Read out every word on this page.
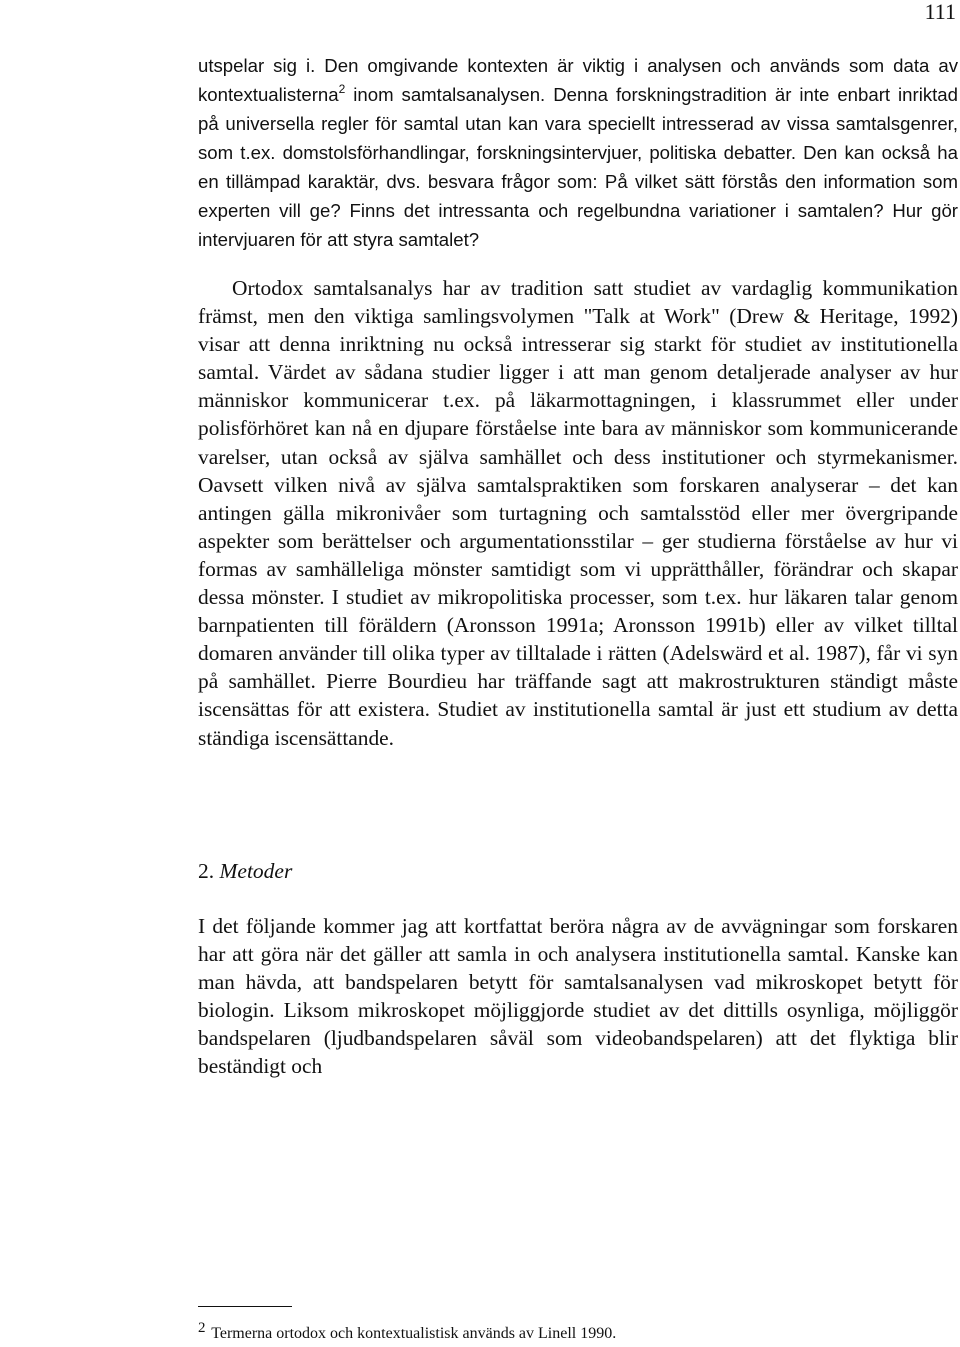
111
utspelar sig i. Den omgivande kontexten är viktig i analysen och används som data av kontextualisterna$^2$ inom samtalsanalysen. Denna forskningstradition är inte enbart inriktad på universella regler för samtal utan kan vara speciellt intresserad av vissa samtalsgenrer, som t.ex. domstolsförhandlingar, forskningsintervjuer, politiska debatter. Den kan också ha en tillämpad karaktär, dvs. besvara frågor som: På vilket sätt förstås den information som experten vill ge? Finns det intressanta och regelbundna variationer i samtalen? Hur gör intervjuaren för att styra samtalet?
Ortodox samtalsanalys har av tradition satt studiet av vardaglig kommunikation främst, men den viktiga samlingsvolymen "Talk at Work" (Drew & Heritage, 1992) visar att denna inriktning nu också intresserar sig starkt för studiet av institutionella samtal. Värdet av sådana studier ligger i att man genom detaljerade analyser av hur människor kommunicerar t.ex. på läkarmottagningen, i klassrummet eller under polisförhöret kan nå en djupare förståelse inte bara av människor som kommunicerande varelser, utan också av själva samhället och dess institutioner och styrmekanismer. Oavsett vilken nivå av själva samtalspraktiken som forskaren analyserar – det kan antingen gälla mikronivåer som turtagning och samtalsstöd eller mer övergripande aspekter som berättelser och argumentationsstilar – ger studierna förståelse av hur vi formas av samhälleliga mönster samtidigt som vi upprätthåller, förändrar och skapar dessa mönster. I studiet av mikropolitiska processer, som t.ex. hur läkaren talar genom barnpatienten till föräldern (Aronsson 1991a; Aronsson 1991b) eller av vilket tilltal domaren använder till olika typer av tilltalade i rätten (Adelswärd et al. 1987), får vi syn på samhället. Pierre Bourdieu har träffande sagt att makrostrukturen ständigt måste iscensättas för att existera. Studiet av institutionella samtal är just ett studium av detta ständiga iscensättande.
2. Metoder
I det följande kommer jag att kortfattat beröra några av de avvägningar som forskaren har att göra när det gäller att samla in och analysera institutionella samtal. Kanske kan man hävda, att bandspelaren betytt för samtalsanalysen vad mikroskopet betytt för biologin. Liksom mikroskopet möjliggjorde studiet av det dittills osynliga, möjliggör bandspelaren (ljudbandspelaren såväl som videobandspelaren) att det flyktiga blir beständigt och
2 Termerna ortodox och kontextualistisk används av Linell 1990.
